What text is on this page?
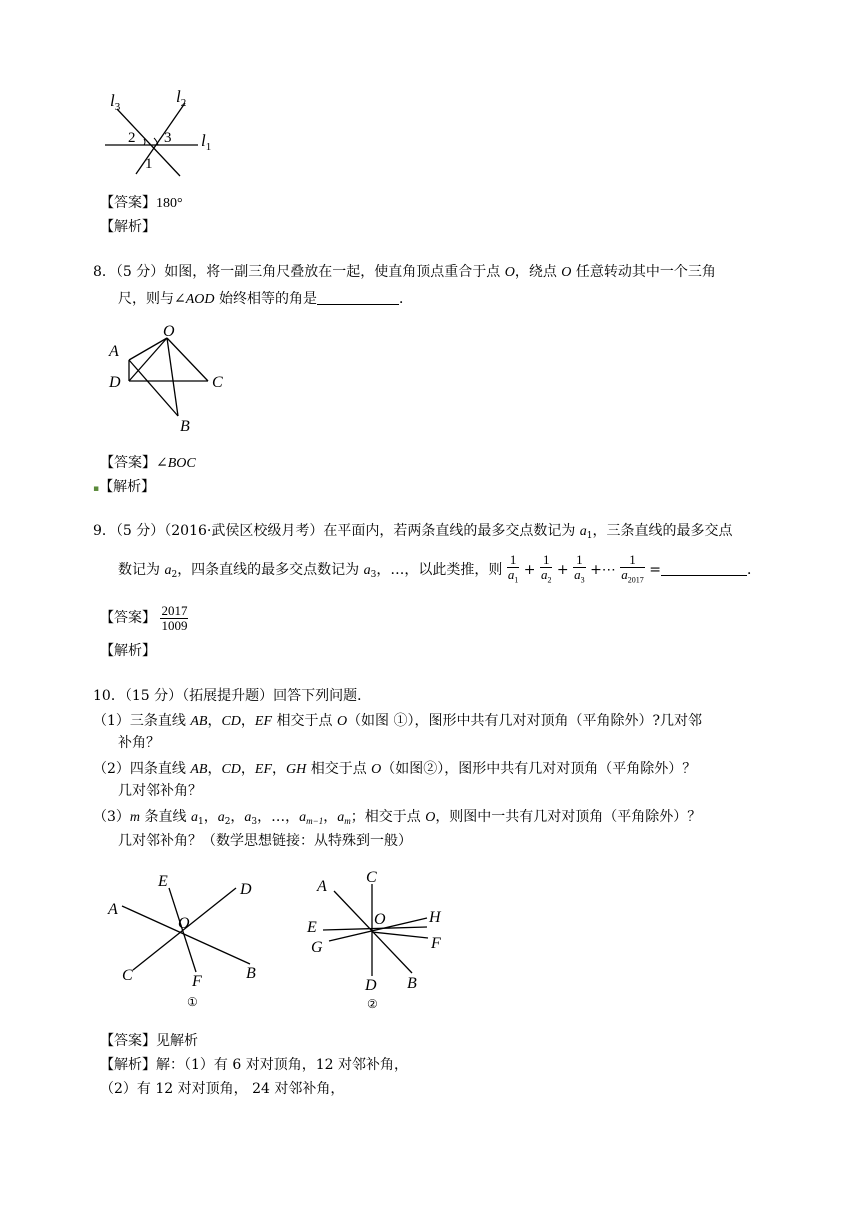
$l_3$
$l_2$
$l_1$
2 3
1
【答案】180°
【解析】
8．（5 分）如图，将一副三角尺叠放在一起，使直角顶点重合于点 O，绕点 O 任意转动其中一个三角
尺，则与∠AOD 始终相等的角是	．
O
A
D	C
B
【答案】∠BOC
▪【解析】
9．（5 分）（2016·武侯区校级月考）在平面内，若两条直线的最多交点数记为 $a_1$，三条直线的最多交点
数记为 $a_2$，四条直线的最多交点数记为 $a_3$，…，以此类推，则 $\frac{1}{a_1} + \frac{1}{a_2} + \frac{1}{a_3}$ +⋯ $\frac{1}{a_{2017}}$ =	．
【答案】 $\frac{2017}{1009}$
【解析】
10．（15 分）（拓展提升题）回答下列问题．
（1）三条直线 AB，CD，EF 相交于点 O（如图 ①），图形中共有几对对顶角（平角除外）?几对邻
补角？
（2）四条直线 AB，CD，EF，GH 相交于点 O（如图②），图形中共有几对对顶角（平角除外）？
几对邻补角？
（3）m 条直线 $a_1$，$a_2$，$a_3$，…，$a_{m-1}$，$a_m$；相交于点 O，则图中一共有几对对顶角（平角除外）？
几对邻补角？（数学思想链接：从特殊到一般）
A
E	D
O
C	F	B
①
A
C
O	H
E
F
G
B
D
②
【答案】见解析
【解析】解：（1）有 6 对对顶角，12 对邻补角，
（2）有 12 对对顶角， 24 对邻补角，
